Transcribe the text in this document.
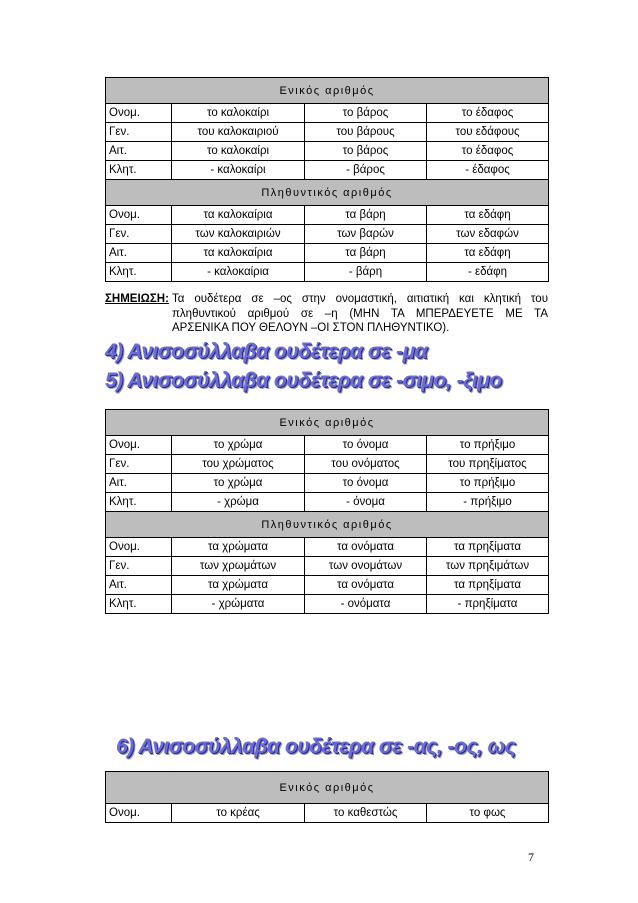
Ενικός αριθμός			
Ονομ.	το καλοκαίρι	το βάρος	το έδαφος
Γεν.	του καλοκαιριού	του βάρους	του εδάφους
Αιτ.	το καλοκαίρι	το βάρος	το έδαφος
Κλητ.	- καλοκαίρι	- βάρος	- έδαφος
Πληθυντικός αριθμός			
Ονομ.	τα καλοκαίρια	τα βάρη	τα εδάφη
Γεν.	των καλοκαιριών	των βαρών	των εδαφών
Αιτ.	τα καλοκαίρια	τα βάρη	τα εδάφη
Κλητ.	- καλοκαίρια	- βάρη	- εδάφη
ΣΗΜΕΙΩΣΗ: Τα ουδέτερα σε –ος στην ονομαστική, αιτιατική και κλητική του
πληθυντικού αριθμού σε –η (ΜΗΝ ΤΑ ΜΠΕΡΔΕΥΕΤΕ ΜΕ ΤΑ
ΑΡΣΕΝΙΚΑ ΠΟΥ ΘΕΛΟΥΝ –ΟΙ ΣΤΟΝ ΠΛΗΘΥΝΤΙΚΟ).
4) Ανισοσύλλαβα ουδέτερα σε -μα
5) Ανισοσύλλαβα ουδέτερα σε -σιμο, -ξιμο
Ενικός αριθμός			
Ονομ.	το χρώμα	το όνομα	το πρήξιμο
Γεν.	του χρώματος	του ονόματος	του πρηξίματος
Αιτ.	το χρώμα	το όνομα	το πρήξιμο
Κλητ.	- χρώμα	- όνομα	- πρήξιμο
Πληθυντικός αριθμός			
Ονομ.	τα χρώματα	τα ονόματα	τα πρηξίματα
Γεν.	των χρωμάτων	των ονομάτων	των πρηξιμάτων
Αιτ.	τα χρώματα	τα ονόματα	τα πρηξίματα
Κλητ.	- χρώματα	- ονόματα	- πρηξίματα
6) Ανισοσύλλαβα ουδέτερα σε -ας, -ος, ως
Ενικός αριθμός
Ονομ.	το κρέας	το καθεστώς	το φως
7
